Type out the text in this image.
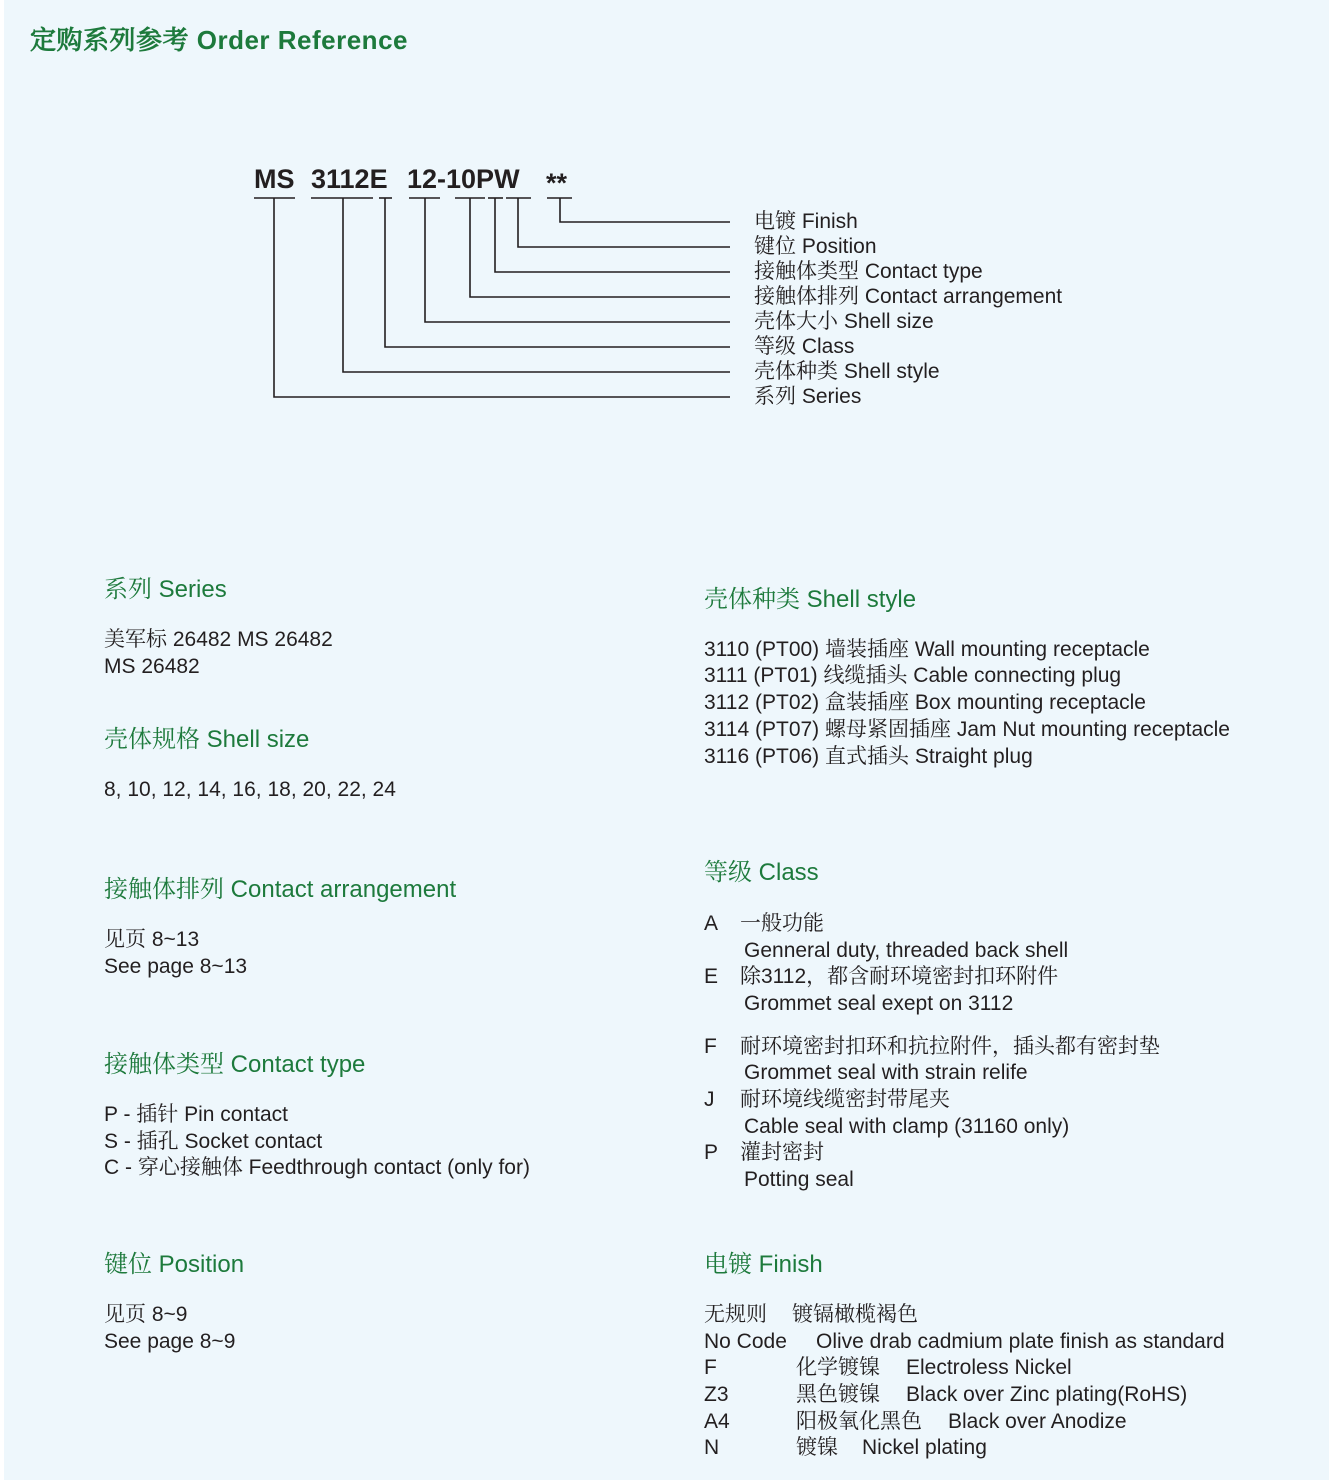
定购系列参考 Order Reference
MS 3112E 12-10PW **
电镀 Finish
键位 Position
接触体类型 Contact type
接触体排列 Contact arrangement
壳体大小 Shell size
等级 Class
壳体种类 Shell style
系列 Series
系列 Series
美军标 26482 MS 26482
MS 26482
壳体规格 Shell size
8, 10, 12, 14, 16, 18, 20, 22, 24
接触体排列 Contact arrangement
见页 8~13
See page 8~13
接触体类型 Contact type
P - 插针 Pin contact
S - 插孔 Socket contact
C - 穿心接触体 Feedthrough contact (only for)
键位 Position
见页 8~9
See page 8~9
壳体种类 Shell style
3110 (PT00) 墙装插座 Wall mounting receptacle
3111 (PT01) 线缆插头 Cable connecting plug
3112 (PT02) 盒装插座 Box mounting receptacle
3114 (PT07) 螺母紧固插座 Jam Nut mounting receptacle
3116 (PT06) 直式插头 Straight plug
等级 Class
A 一般功能
Genneral duty, threaded back shell
E 除3112，都含耐环境密封扣环附件
Grommet seal exept on 3112
F 耐环境密封扣环和抗拉附件，插头都有密封垫
Grommet seal with strain relife
J 耐环境线缆密封带尾夹
Cable seal with clamp (31160 only)
P 灌封密封
Potting seal
电镀 Finish
无规则 镀镉橄榄褐色
No Code Olive drab cadmium plate finish as standard
F	化学镀镍 Electroless Nickel
Z3	黑色镀镍 Black over Zinc plating(RoHS)
A4	阳极氧化黑色 Black over Anodize
N	镀镍 Nickel plating
